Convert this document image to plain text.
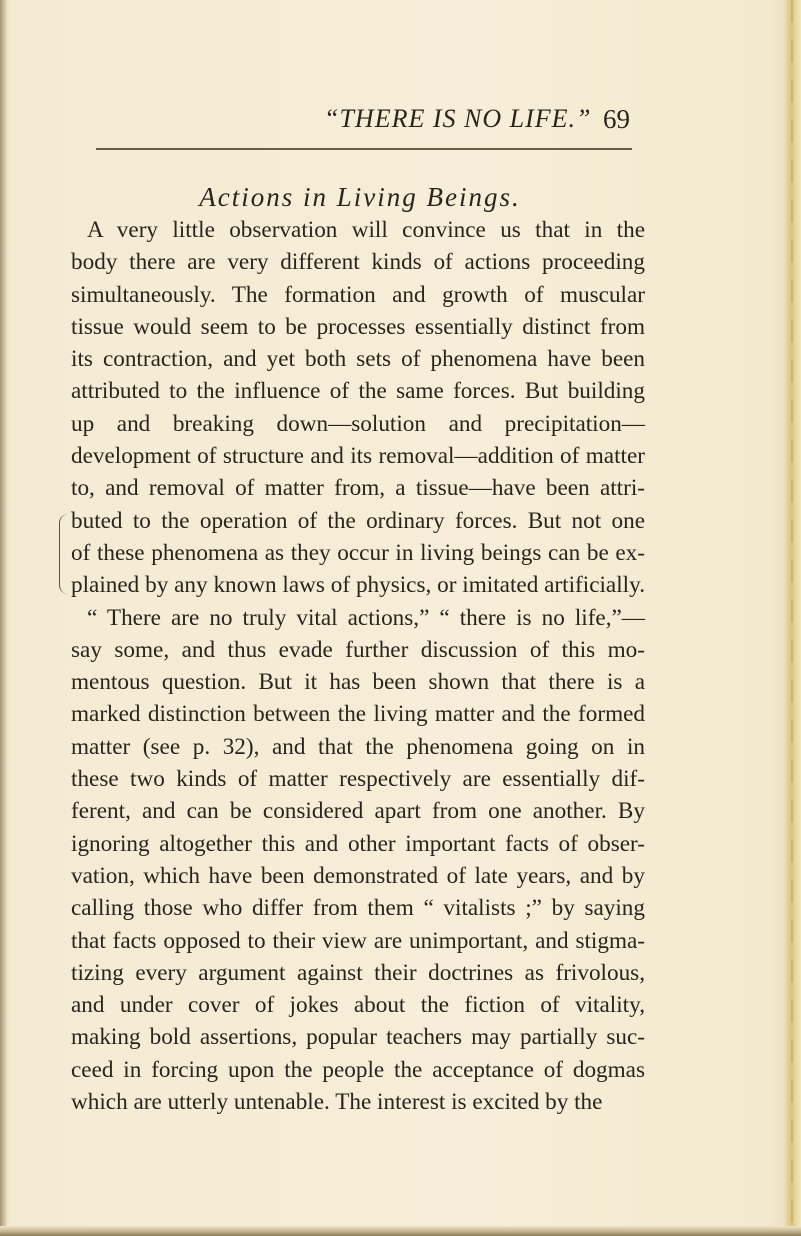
“THERE IS NO LIFE.” 69
Actions in Living Beings.
A very little observation will convince us that in the
body there are very different kinds of actions proceeding
simultaneously. The formation and growth of muscular
tissue would seem to be processes essentially distinct from
its contraction, and yet both sets of phenomena have been
attributed to the influence of the same forces. But building
up and breaking down—solution and precipitation—
development of structure and its removal—addition of matter
to, and removal of matter from, a tissue—have been attri-
buted to the operation of the ordinary forces. But not one
of these phenomena as they occur in living beings can be ex-
plained by any known laws of physics, or imitated artificially.
“ There are no truly vital actions,” “ there is no life,”—
say some, and thus evade further discussion of this mo-
mentous question. But it has been shown that there is a
marked distinction between the living matter and the formed
matter (see p. 32), and that the phenomena going on in
these two kinds of matter respectively are essentially dif-
ferent, and can be considered apart from one another. By
ignoring altogether this and other important facts of obser-
vation, which have been demonstrated of late years, and by
calling those who differ from them “ vitalists ;” by saying
that facts opposed to their view are unimportant, and stigma-
tizing every argument against their doctrines as frivolous,
and under cover of jokes about the fiction of vitality,
making bold assertions, popular teachers may partially suc-
ceed in forcing upon the people the acceptance of dogmas
which are utterly untenable. The interest is excited by the
